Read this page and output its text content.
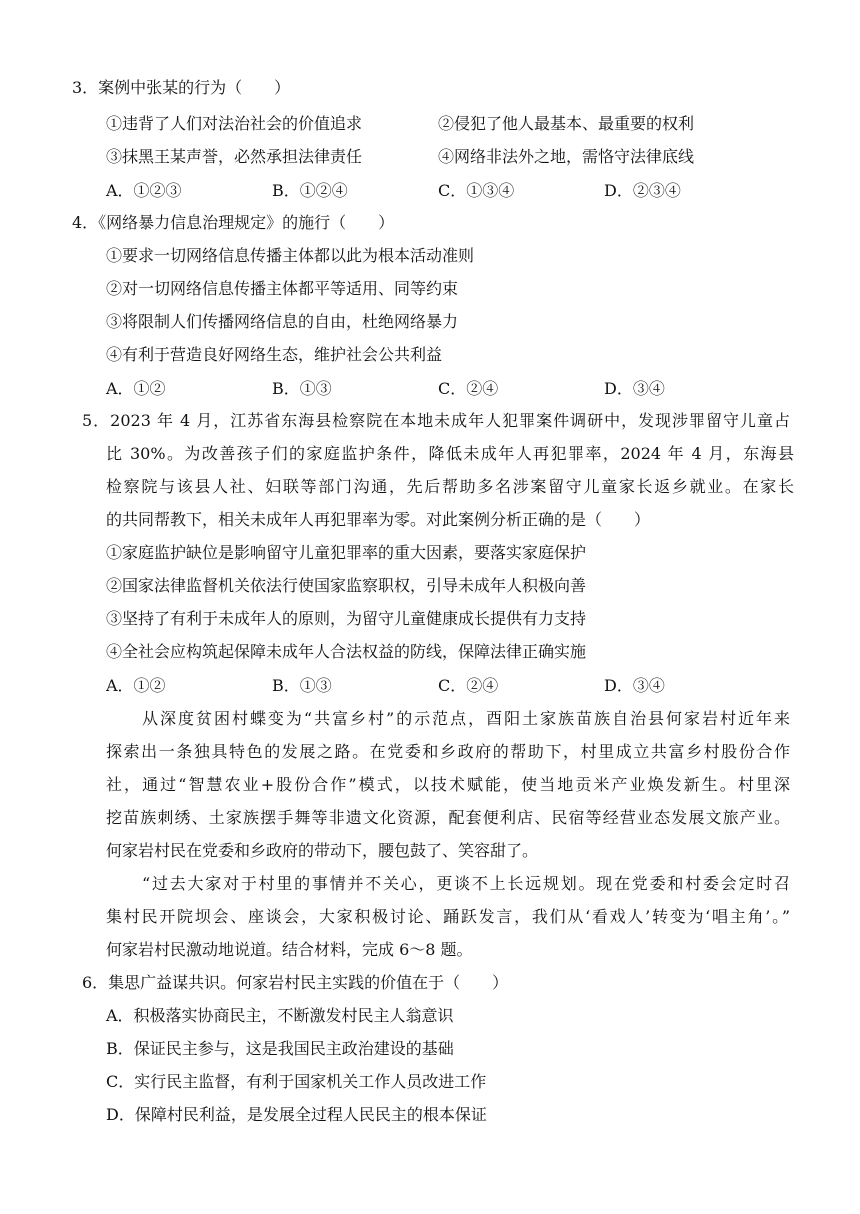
3．案例中张某的行为（　　）
①违背了人们对法治社会的价值追求	②侵犯了他人最基本、最重要的权利
③抹黑王某声誉，必然承担法律责任	④网络非法外之地，需恪守法律底线
A．①②③	B．①②④	C．①③④	D．②③④
4．《网络暴力信息治理规定》的施行（　　）
①要求一切网络信息传播主体都以此为根本活动准则
②对一切网络信息传播主体都平等适用、同等约束
③将限制人们传播网络信息的自由，杜绝网络暴力
④有利于营造良好网络生态，维护社会公共利益
A．①②	B．①③	C．②④	D．③④
5．2023 年 4 月，江苏省东海县检察院在本地未成年人犯罪案件调研中，发现涉罪留守儿童占
比 30%。为改善孩子们的家庭监护条件，降低未成年人再犯罪率，2024 年 4 月，东海县
检察院与该县人社、妇联等部门沟通，先后帮助多名涉案留守儿童家长返乡就业。在家长
的共同帮教下，相关未成年人再犯罪率为零。对此案例分析正确的是（　　）
①家庭监护缺位是影响留守儿童犯罪率的重大因素，要落实家庭保护
②国家法律监督机关依法行使国家监察职权，引导未成年人积极向善
③坚持了有利于未成年人的原则，为留守儿童健康成长提供有力支持
④全社会应构筑起保障未成年人合法权益的防线，保障法律正确实施
A．①②	B．①③	C．②④	D．③④
从深度贫困村蝶变为“共富乡村”的示范点，酉阳土家族苗族自治县何家岩村近年来
探索出一条独具特色的发展之路。在党委和乡政府的帮助下，村里成立共富乡村股份合作
社，通过“智慧农业+股份合作”模式，以技术赋能，使当地贡米产业焕发新生。村里深
挖苗族刺绣、土家族摆手舞等非遗文化资源，配套便利店、民宿等经营业态发展文旅产业。
何家岩村民在党委和乡政府的带动下，腰包鼓了、笑容甜了。
“过去大家对于村里的事情并不关心，更谈不上长远规划。现在党委和村委会定时召
集村民开院坝会、座谈会，大家积极讨论、踊跃发言，我们从‘看戏人’转变为‘唱主角’。”
何家岩村民激动地说道。结合材料，完成 6～8 题。
6．集思广益谋共识。何家岩村民主实践的价值在于（　　）
A．积极落实协商民主，不断激发村民主人翁意识
B．保证民主参与，这是我国民主政治建设的基础
C．实行民主监督，有利于国家机关工作人员改进工作
D．保障村民利益，是发展全过程人民民主的根本保证
